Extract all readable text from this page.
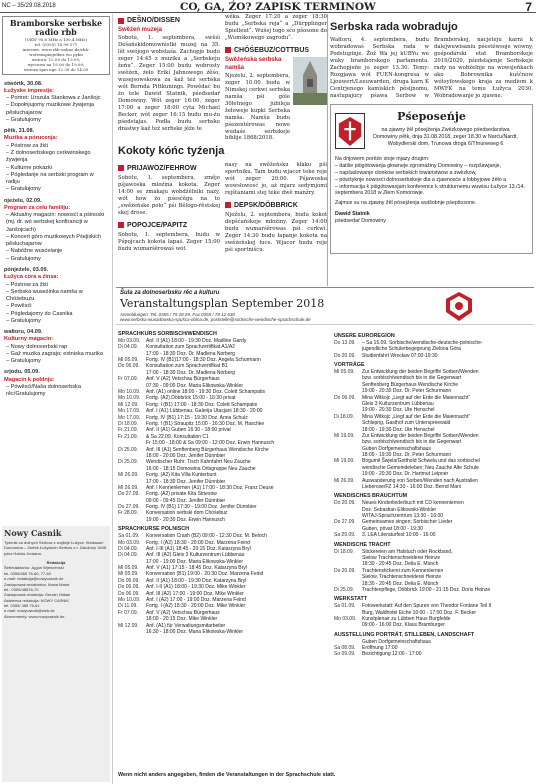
NC – 35/29.08.2018	CO, GA, ŹO? ZAPISK TERMINOW	7
Bramborske serbske radio rbb
(UKW 95,6 MHz a 100,4 MHz)
tel. (0355) 14 99 171
internet: www.rbb-online.de/rbb-
wotrsnspiegelbez wo pyku
wutora: 12.00 do 13.00;
wjecorni na 19.00 do 19.00;
wutora spin nge 12.30 do 14.00
stwórtk, 30.08.
Łužyske impresije:
– Portret: Urszula Stankowa z Janšojc
– Dopołnjujomy muzikowe žywjenja pěsluchajarow
– Gratulujomy
pětk, 31.08.
Muzika a pórucenja:
– Póstrow za žiśi
– Z dolnoserbskego cerkwinskego žywjenja
– Kulturne pokazki
– Pógledanje na serbski program w radiju
– Gratulujomy
njeźelu, 02.09.
Program za cełu familiju:
– Aktualny magacin: nowosći a pśinoski (mj. dr. wó serbskej konfiranciji w Janšojcach)
– Koncert góro muzikowych Pśejiskich pěsluchajarow
– Nabóžne wusćelanje
– Gratulujomy
pónjeźele, 03.09.
Łužyca cora a źinsa:
– Póstrow za žiśi
– Serbska wuseśinka namša w Chóśebuzu
– Powěsći
– Pógledajomy do Casnika
– Gratulujomy
wałtoru, 04.09.
Kulturny magacin:
– Nowy dolnoserbski rap
– Gaž muzika zagrajo: estniska muzika
– Gratulujomy
srjodu, 05.09.
Magacin k połdnju:
– Pówěsći/Naša dolnoserbska rěc/Gratulujomy
Nowy Casnik
Tyźenik za dolnych Serbow z wujšeje Łužyce. Wudawaŕ: Domowina – Zwězk Łužyskich Serbow z.t. Załožony 1848 pśez Hańža Jordana.
Redakcija
Šefredaktorka: Jęgon Wjenceński
tel. 0355/485 76-60, 77-60
e-mail: redakcija@nowycasnik.de
Zastupowaś redaktorka: Nowa Maria
tel.: 0355/48576-70
Zastupowaś redakcija: Gerwin Hóšan
Asistenca redakcija: NOWY CASNIK
tel. 0355/ 485 76-61
e-mail: nowycasnik@web.de
Abonementy: www.nowycasnik.de
DEŠNO/DISSEN
Swěźeń muzeja
Sobotu, 1. septembera, swěśi Dešańskidomownistki muzej na 35. lět swójogo wobstaśa. Zachopje budu zeger 14:45 z muziku a „Serbskeju žeńu“. Zeger 15:00 budu wobrosty swěźeń, żeło Erikí Jahnowego źěśo, wusejsowskowa za kaž teź serbska wót Bernda Pittkunings. Powědać bu źo tele Dawid Statnik, pśedsedaŕ Domowiny. Wót zeger 16:00, zeger 17:00 a zeger 18:00 cyta Michael Becker, wót zeger 16:15 budu mu-źu pśedstajas. Podła budu serbske drastwy kaž teź serbske jěźe te
wěka. Zeger 17:20 a zeger 18:30 budu „Serbska reja“ a „Dürpplinger Spielleut“. Wušej togo sćo pšosone do „Wumškowego zagrodu“.
CHÓŚEBUZ/COTTBUS
Swěźeńska serbska namša
Njeźelu, 2. septembera, zeger 10.00 budu w Nimskej cerkwi serbska namša pśi góle 30letnego jubileja žełoweje kupki Serbska namša. Namšu budu pśezentérowas nowe wudaśe serbskeje biblije 1868/2018.
Kokoty kóńc tyźenja
PRIJAWOZ/FEHROW
Sobotu, 1. septembera, změjo pśjawoska młoźina kokota. Zeger 14:00 se zmakaju wobdźělniki nazy, wót how źo pśesćěgu na to „swěźeńske polo“ pśi Bělogo-ŕěstskej skej drose.
POPOJCE/PAPITZ
Sobotu, 1. septembera, budu w Pśpojcach kokota łapaś. Zeger 15:00 budu wumarśěrowaś wót
nasy na swěźeńsku kłaku pśi sportniku. Tam budu wjacor teke reje wót zeger 20:00. Pśjawoska wowsłowosć jo, aż mjarz sedymjomi rejštaniami stej teke dwě manžry.
DEPSK/DÖBBRICK
Njeźelu, 2. septembera, budu kokot depšćańskeje młoźiny. Zeger 14:00 budu wumarśěrowas pśi cerkwi. Zeger 14:30 budu łapanje kokota na swěźeńskej łuce. Wjacor budu reje pśi sportnišću.
Serbska rada wobradujo
Wałtoru, 4. septembera, budu wobradowaś Serbska rada w Podstupinje. Žož Wa jej kUBYu we wuky bramborskego parlamenta. Zachopjeńe jo zeger 13.30. Temy: Rozgjawa wót FUEN-kongresa w Ljouwert/Leeuwarden, druga karn K Centrjenego kamiskich pěsijnomu, nastupajucy pśawa Serbow w Bramborskej, nacjeteju karni k dalejwuwisaniu pśestéwsoje wowny, gośpodarski etat Bramborskeje 2019/2020, pśedstajenje Serbskeje rady na wobźelnje na wowsjeńkach ako Bobrownika kuščnow wótsyfowskego kraja za mediom k MWFK na temu Łužyca 2030. Wobradowanje jo zjawne.
Pśeposeńje
na zjawny žěl pósejźenja Zwězkowego pśedsedarstwa Domowiny pětk, dnja 31.08.2018, zeger 18.30 w Narću/Nardt, Wobydlerski dom, Trunowa droga 6/Thruneweg 6
Na dnjowem porěźe stoje mjazy drugim:
– dališe pśigótowanja głowneje zgromažiny Domowiny – rozpšawjanje,
– napšašowanje cłonkow serbskich towaristwow a zwězkow,
– pówšyknje nowosći dolnoserbskeje dla a zjawnosće a lobbyjowe žěło a
– informacija k pśigótowanjam konference k strukturnemu wuwisu Łužyce 13./14. septembera 2018 w Złem Komorowje.
Zajmce su na zjawny žěl pósejźenja wutšobnje pśepšosone.
Dawid Statnik
pśedsedaŕ Domowiny
Šula za dolnoserbsku rěc a kulturu
Veranstaltungsplan September 2018
Anmeldungen: Tel. 0355 / 79 28 29, Fax 0355 / 78 12 630
www.serbska-wusadowska-spušca-dolna.de, poststelle@sorbische-wendische-sprachschule.de
SPRACHKURS SORBISCH/WENDISCH
Mo 03.09.	Anf. II (A1) 18:00 - 19:30 Doz. Madline Gardy
Di 04.09.	Konsultation zum Sprachzertifikat A1/A2
17:00 - 18:30 Doz. Dr. Madlena Norberg
Mi 05.09.	Fortg. IV (B1)17:00 - 18:30 Doz. Angela Schurmann
Do 06.09.	Konsultation zum Sprachzertifikat B1
17:00 - 18:30 Doz. Dr. Madlena Norberg
Fr 07.09.	Anf. V (A2) Vetschau Bürgerhaus
07:30 - 09:00 Doz. Maria Elikowska-Winkler
Mo 10.09.	Anf. (A1) online 18:00 - 19:30 Doz. Colett Schampatis
Mo 10.09.	Fortg. (A2) Döbbrick 15:00 - 16:30 privat
Mi 12.09.	Fortg. I (B1) 17:00 - 18:30 Doz. Colett Schampatis
Mo 17.09.	Anf. I (A1) Lübbenau, Galerija Utacjani 18:30 - 20:00
Mo 17.09.	Fortg. IV (B1) 17:15 - 19:30 Doz. Anna Schulz
Di 18.09.	Fortg. I (B1) Straupitz 15:00 - 16:30 Doz. M. Haschke
Fr 21.09.	Anf. II (A1) Guben 16:30 - 18:00 privat
Fr 21.09.	& Sa 22.09. Konsultation C1
Fr 15:00 - 18:00 & Sa 09:00 - 12:00 Doz. Erwin Hannusch
Di 25.09.	Anf. III (A1) Senftenberg Bürgerhaus Wendische Kirche
18:00 - 20:00 Doz. Jenifer Dünnbier
Di 25.09.	Wendischer Ruhr: Tisch Kahnfahrt Neu Zauche
16:00 - 18:15 Domowina Ortsgruppe Neu Zauche
Mi 26.09.	Fortg. (A2) Kita Villa Kunterbunt
17:00 - 18:30 Doz. Jenifer Dünnbier
Mi 26.09.	Anf. I Kennenlernen (A1) 17:00 - 18:30 Doz. Franz Deuse
Do 27.09.	Fortg. (A2) private Kita Striesow
09:00 - 09:45 Doz. Jenifer Dünnbier
Do 27.09.	Fortg. IV (B1) 17:30 - 19:00 Doz. Jenifer Dünnbier
Fr 28.09.	Konversation serbski dom Chóśebuz
19:00 - 20:30 Doz. Erwin Hannusch
SPRACHKURSE POLNISCH
Sa 01.09.	Konversation Crash (B2) 09:00 - 12:30 Doz. M. Beloch
Mo 03.09.	Fortg. I (A2) 18:30 - 20:00 Doz. Marzena Feind
Di 04.09.	Anf. I-III (A1) 18:45 - 20:15 Doz. Katarzyna Bryl
Di 04.09.	Anf. III (A2) Gleis 3 Kulturzentrum Lübbenau
17:00 - 19:00 Doz. Maria Elikowska-Winkler
Mi 05.09.	Anf. V (A1) 17:15 - 18:45 Doz. Katarzyna Bryl
Mi 05.09.	Konversation (B1) 19:00 - 20:30 Doz. Marzena Feind
Do 06.09.	Anf. II (A1) 18:00 - 19:30 Doz. Katarzyna Bryl
Do 06.09.	Anf. I-II (A1) 18:00 - 19:30 Doz. Mike Winkler
Do 06.09.	Anf. III (A2) 17:00 - 19:00 Doz. Mike Winkler
Mo 10.09.	Anf. I (A2) 17:00 - 19:00 Doz. Marzena Feind
Di 11.09.	Fortg. I (A2) 18:30 - 20:00 Doz. Mike Winkler
Fr 07.09.	Anf. V (A2) Vetschau Bürgerhaus
18:00 - 20:15 Doz. Mike Winkler
Mi 12.09.	Anf. (A1) für Verwaltungsmitarbeiter
16:30 - 18:00 Doz. Maria Elikowska-Winkler
UNSERE EUROREGION
Do 13.09.	– Sa 15.09. Sorbische/wendische-deutsche-polnische-
jugendliche Schülerbegegnung Zielona Góra
Do 20.09.	Studienfahrt Wrocław 07:00-19:30
VORTRÄGE
Mi 05.09.	Zur Entwicklung der beiden Begriffe Sorben/Wenden
bzw. sorbisch/wendisch bis in die Gegenwart
Senftenberg Bürgerhaus Wendische Kirche
19:00 - 20:30 Doz. Dr. Peter Schurmann
Do 06.09.	Mina Witkojc „Liegt auf der Erde die Maiennacht“
Gleis 3 Kulturzentrum Lübbenau
19:00 - 20:30 Doz. Ute Henschel
Di 18.09.	Mina Witkojc „Liegt auf der Erde die Maiennacht“
Schleprig, Gasthof zum Unterspreewald
18:00 - 19:30 Doz. Ute Henschel
Mi 19.09.	Zur Entwicklung der beiden Begriffe Sorben/Wenden
bzw. sorbisch/wendisch bis in die Gegenwart
Guben Dorfgemeinschaftshaus
18:00 - 19:30 Doz. Dr. Peter Schurmann
Mi 19.09.	Bogumił Šwjela/Gotthold Schwela und das sorbische/
wendische Gemeindeleben; Neu Zauche Alte Schule
19:00 - 20:30 Doz. Dr. Hartmut Leipner
Mi 26.09.	Auswanderung von Sorben/Wenden nach Australien
Lieberose/FZ 14:30 - 16:00 Doz. Bernd Marx
WENDISCHES BRAUCHTUM
Do 20.09.	Neues Kinderliederbuch mit CD kennenlernen
Doz. Sebastian Elikowski-Winkler
WITAJ-Sprachzentrum 13:30 - 16:00
Do 27.09.	Gemeinsames singen: Sorbischer Lieder
Guben, privat 18:00 - 19:30
Sa 29.09.	3. LEA Literaturfest 10:00 - 16:00
WENDISCHE TRACHT
Di 18.09.	Stickereien am Halstuch oder Rockband,
Sielow Trachtenschneiderei Heinze
18:30 - 20:45 Doz. Delia E. Münch
Do 20.09.	Trachtenstickerei zum Kennenlernen
Sielow, Trachtenschneiderei Heinze
18:30 - 20:45 Doz. Delia E. Münch
Di 25.09.	Trachtenpflege, Döbbrick 19:00 - 21:15 Doz. Doris Heinze
WERKSTATT
Sa 01.09.	Fotowerkstatt: Auf den Spuren von Theodor Fontane Teil II
Burg, Waldhotel Eiche 10:00 - 17:00 Doz. F. Becker
Mo 03.09.	Kunstplenair zu Lübben Haus Burgfelde
09:00 - 16:00 Doz. Klaus Bramburger
AUSSTELLUNG PORTRÄT, STILLEBEN, LANDSCHAFT
Guben Dorfgemeinschaftshaus
Sa 08.09.	Eröffnung 17:00
So 09.09.	Besichtigung 12:00 - 17:00
Wenn nicht anders angegeben, finden die Veranstaltungen in der Sprachschule statt.
